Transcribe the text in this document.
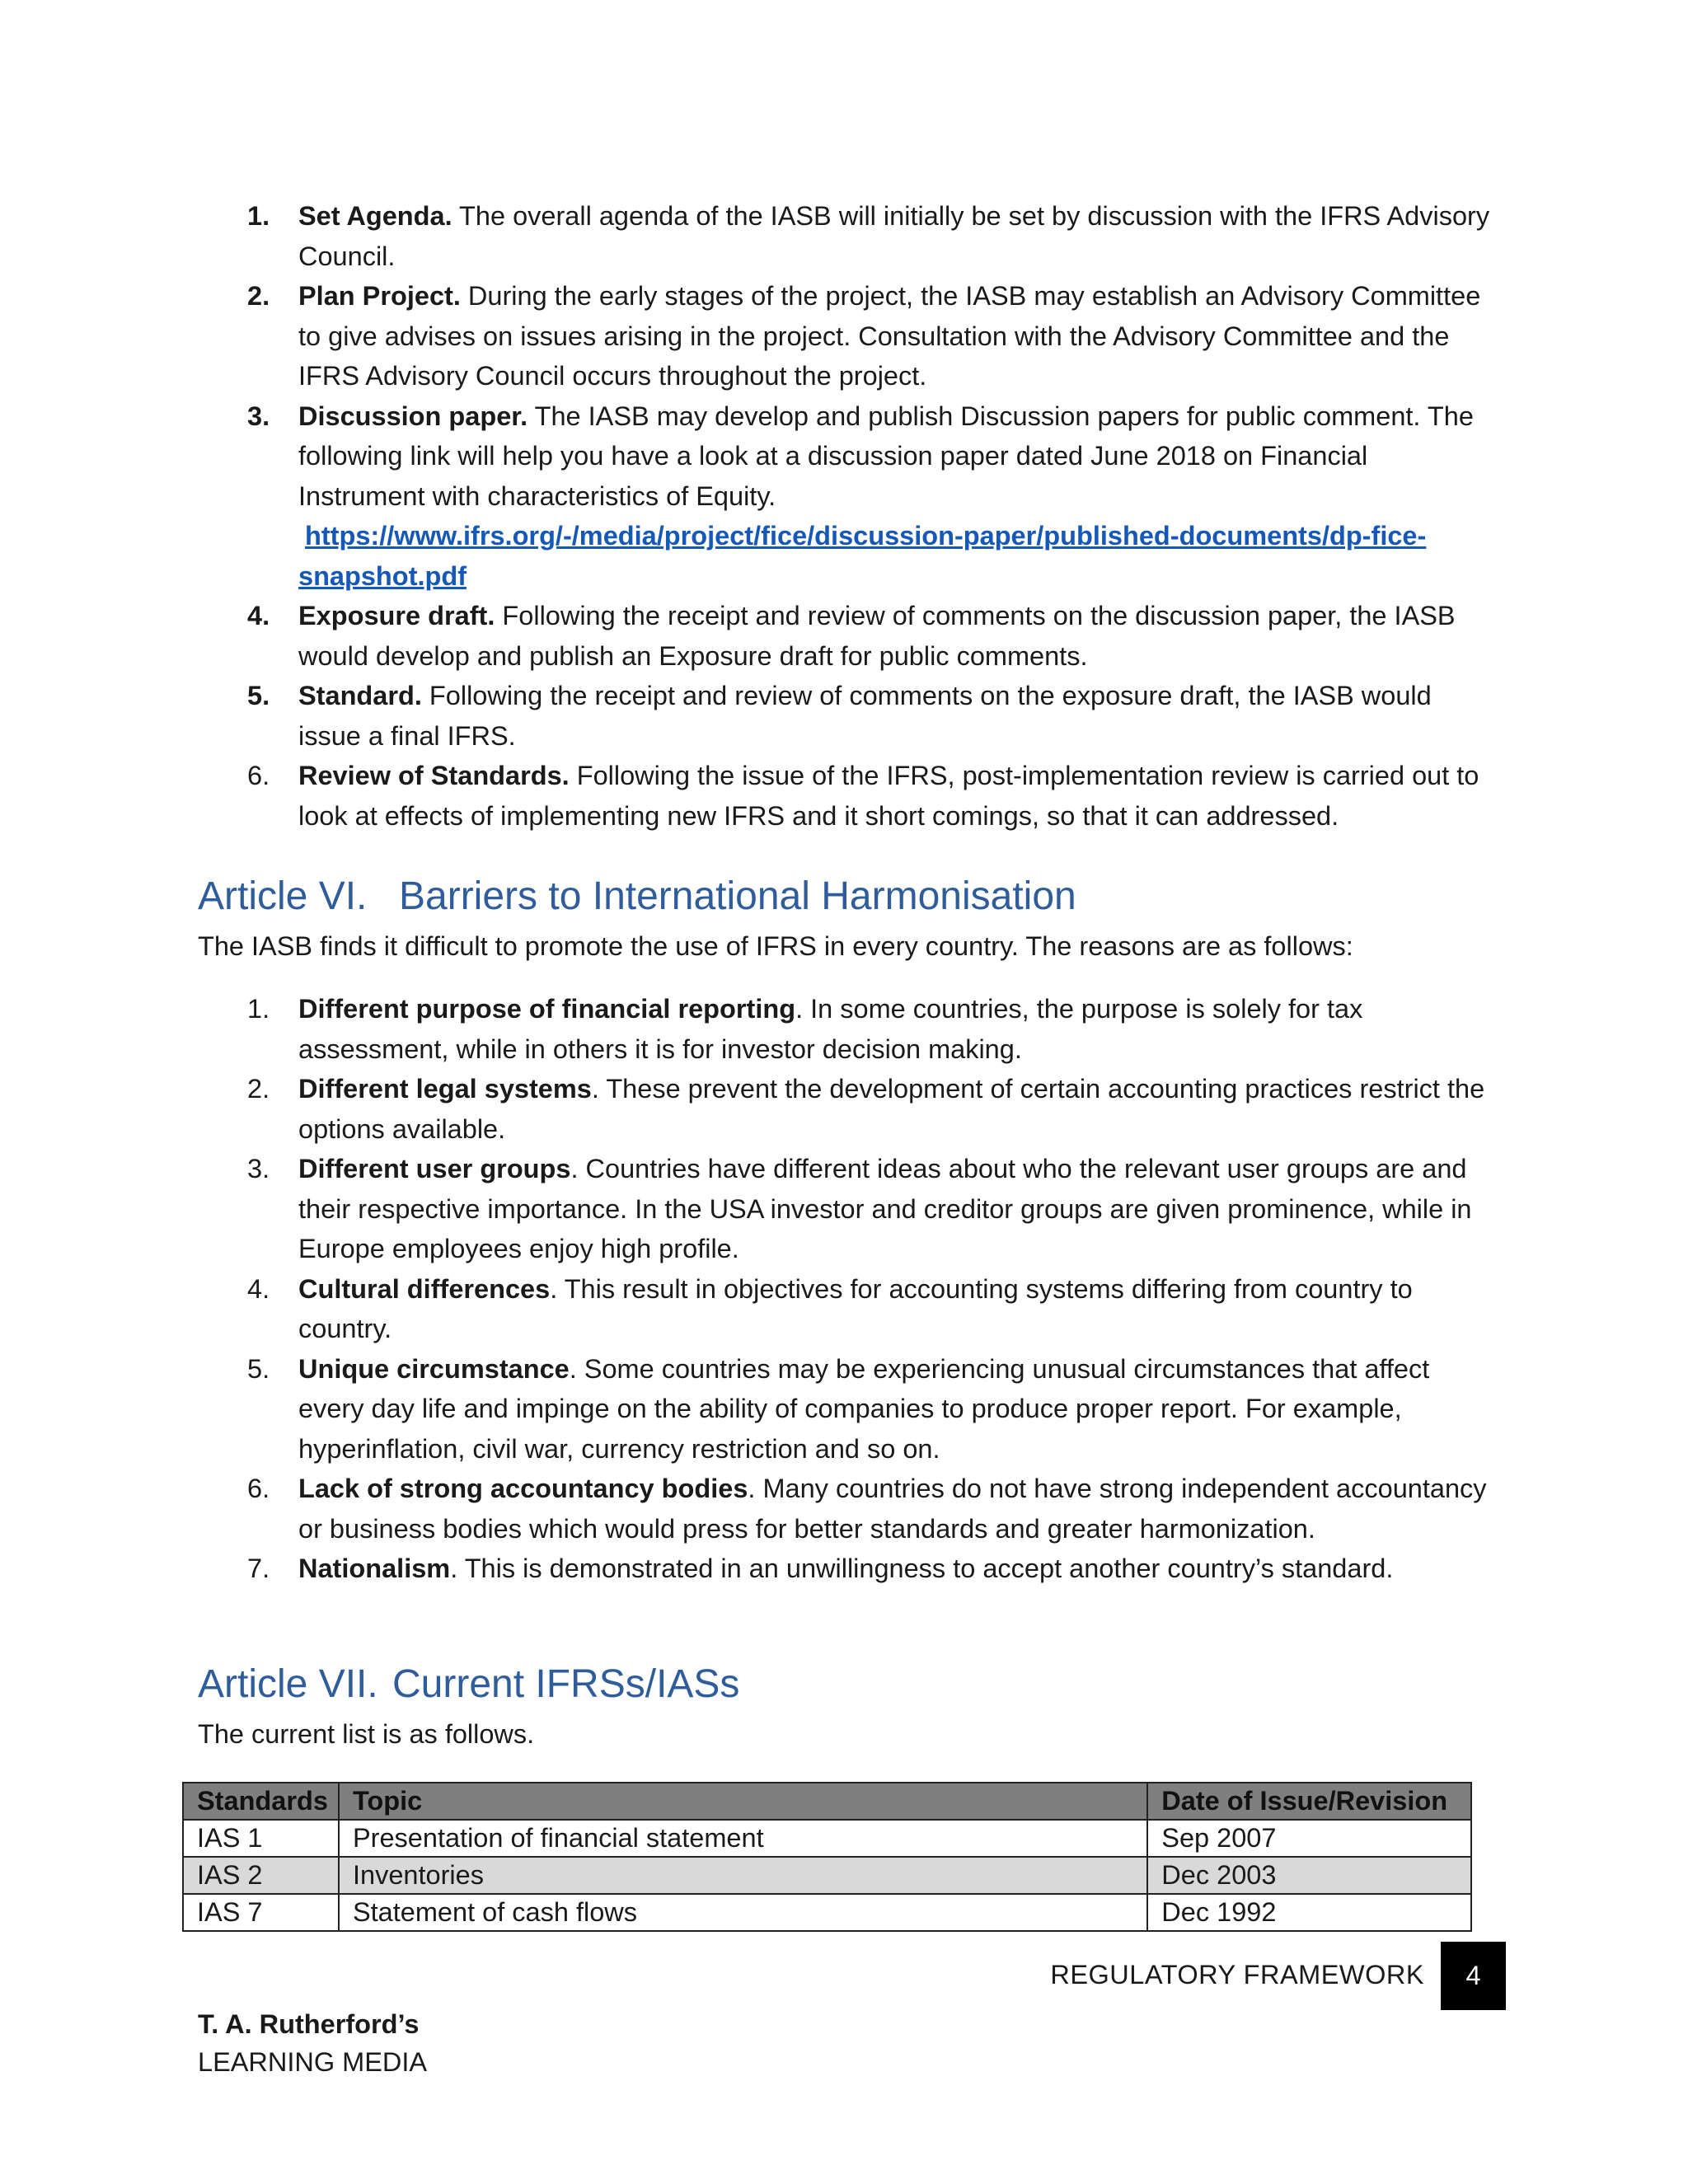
1. Set Agenda. The overall agenda of the IASB will initially be set by discussion with the IFRS Advisory Council.
2. Plan Project. During the early stages of the project, the IASB may establish an Advisory Committee to give advises on issues arising in the project. Consultation with the Advisory Committee and the IFRS Advisory Council occurs throughout the project.
3. Discussion paper. The IASB may develop and publish Discussion papers for public comment. The following link will help you have a look at a discussion paper dated June 2018 on Financial Instrument with characteristics of Equity.
https://www.ifrs.org/-/media/project/fice/discussion-paper/published-documents/dp-fice-
snapshot.pdf
4. Exposure draft. Following the receipt and review of comments on the discussion paper, the IASB would develop and publish an Exposure draft for public comments.
5. Standard. Following the receipt and review of comments on the exposure draft, the IASB would issue a final IFRS.
6. Review of Standards. Following the issue of the IFRS, post-implementation review is carried out to look at effects of implementing new IFRS and it short comings, so that it can addressed.
Article VI. Barriers to International Harmonisation

The IASB finds it difficult to promote the use of IFRS in every country. The reasons are as follows:

1. Different purpose of financial reporting. In some countries, the purpose is solely for tax assessment, while in others it is for investor decision making.
2. Different legal systems. These prevent the development of certain accounting practices restrict the options available.
3. Different user groups. Countries have different ideas about who the relevant user groups are and their respective importance. In the USA investor and creditor groups are given prominence, while in Europe employees enjoy high profile.
4. Cultural differences. This result in objectives for accounting systems differing from country to country.
5. Unique circumstance. Some countries may be experiencing unusual circumstances that affect every day life and impinge on the ability of companies to produce proper report. For example, hyperinflation, civil war, currency restriction and so on.
6. Lack of strong accountancy bodies. Many countries do not have strong independent accountancy or business bodies which would press for better standards and greater harmonization.
7. Nationalism. This is demonstrated in an unwillingness to accept another country’s standard.
Article VII. Current IFRSs/IASs

The current list is as follows.

Standards	Topic	Date of Issue/Revision
IAS 1	Presentation of financial statement	Sep 2007
IAS 2	Inventories	Dec 2003
IAS 7	Statement of cash flows	Dec 1992
REGULATORY FRAMEWORK	4
T. A. Rutherford’s
LEARNING MEDIA
